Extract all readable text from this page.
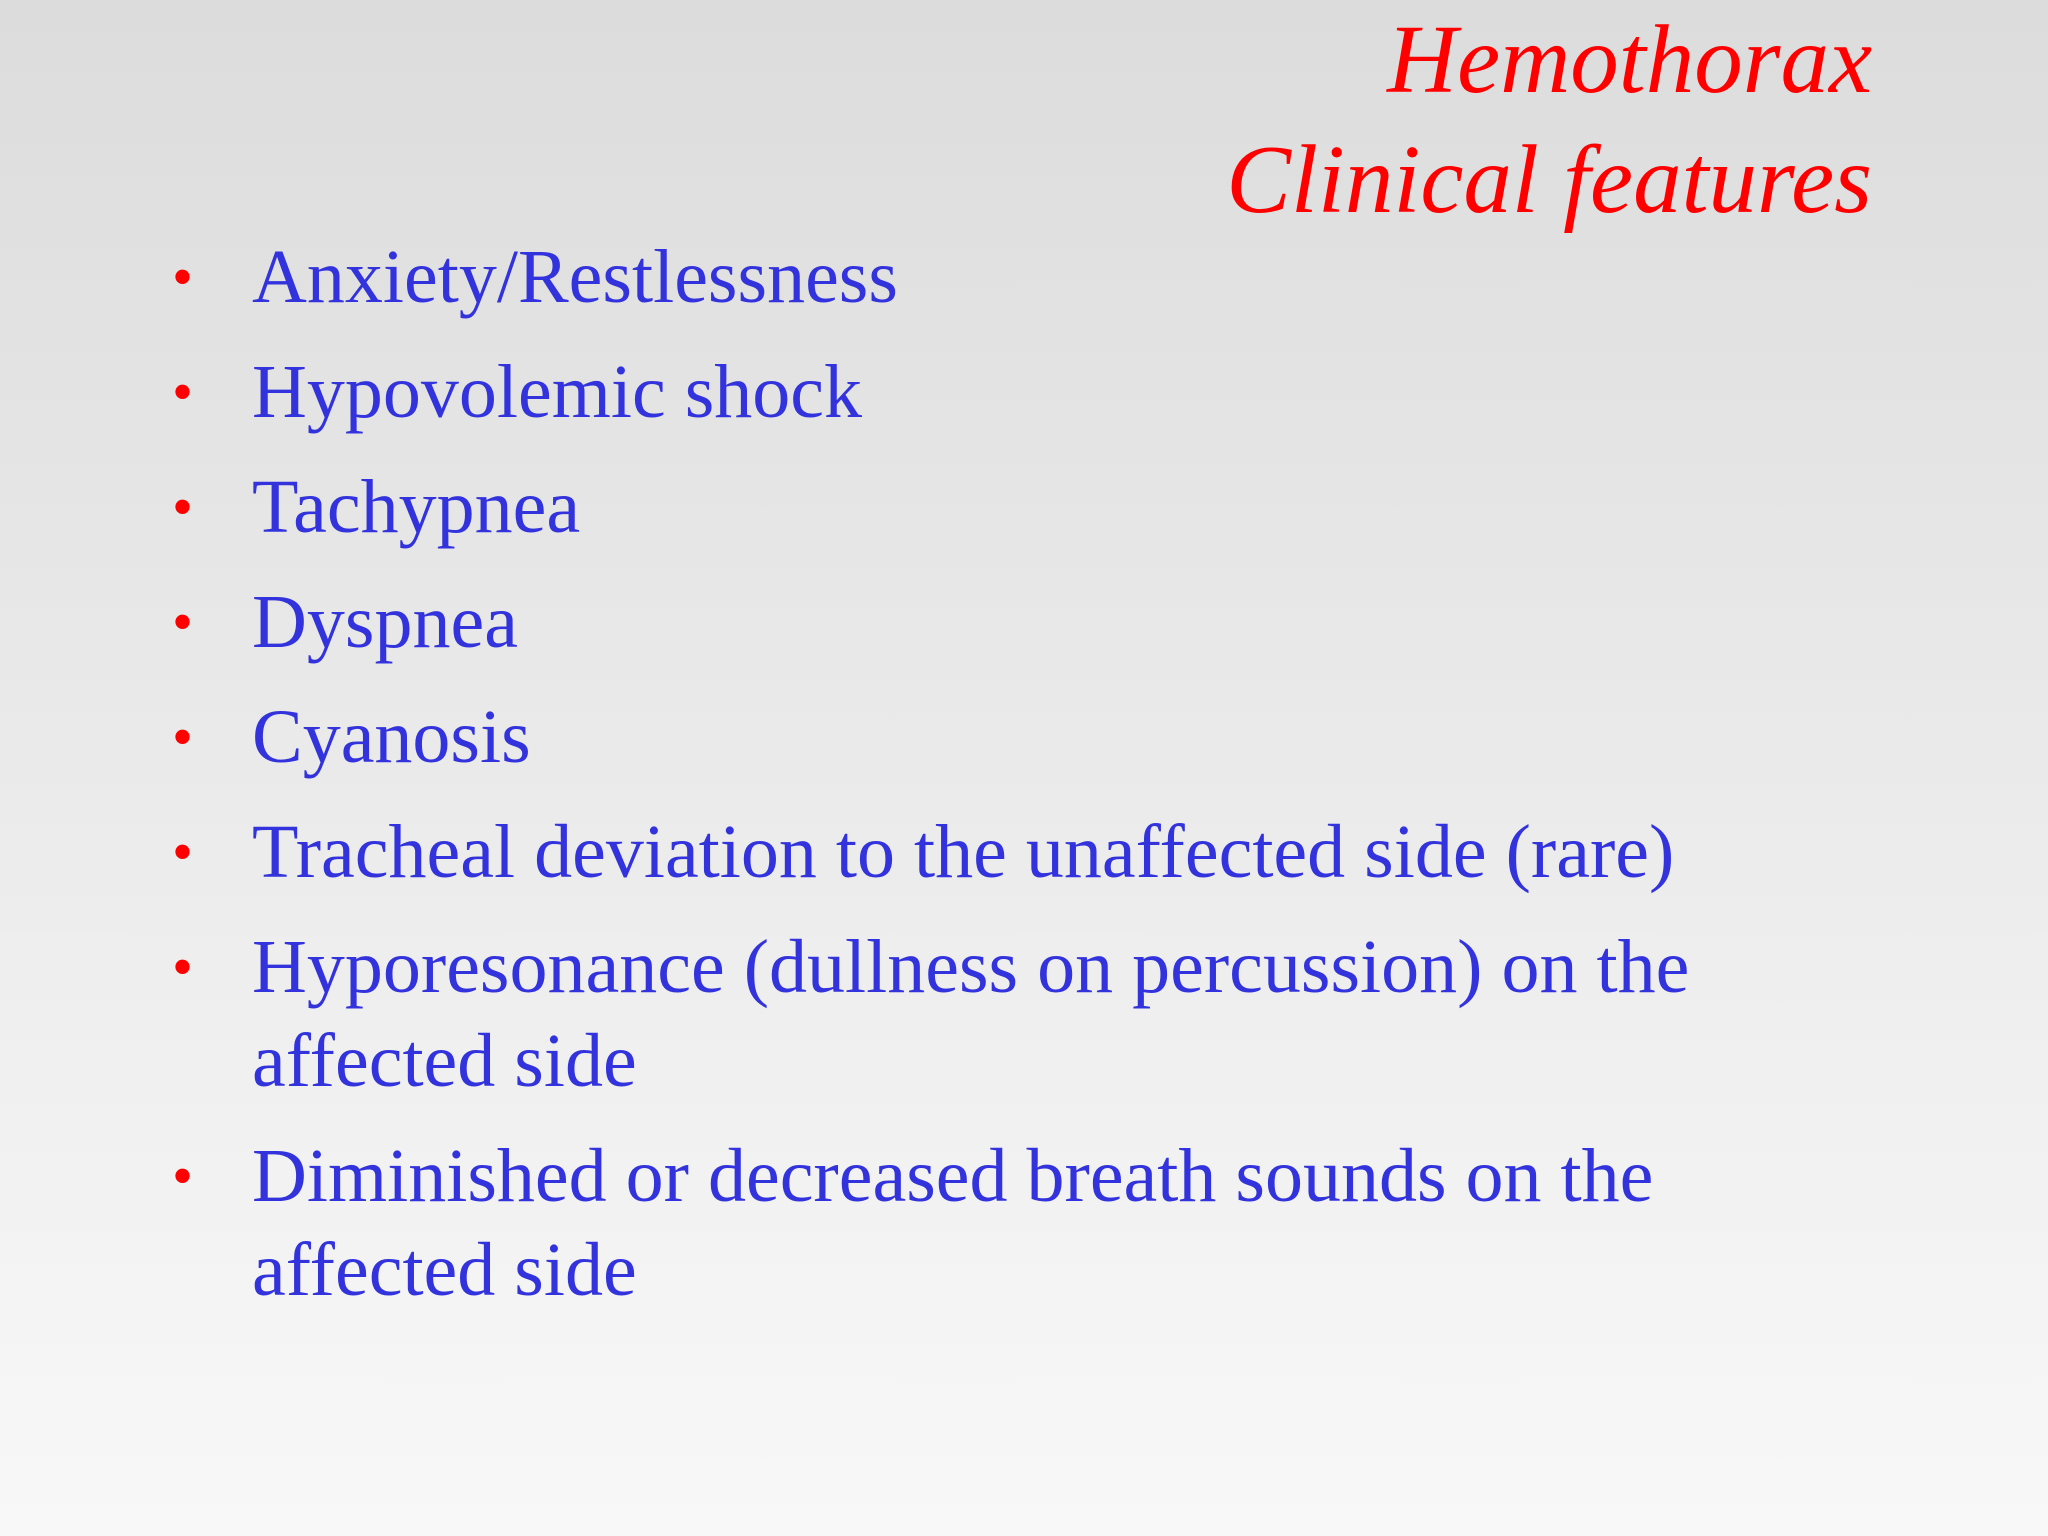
Hemothorax
Clinical features
• Anxiety/Restlessness
• Hypovolemic shock
• Tachypnea
• Dyspnea
• Cyanosis
• Tracheal deviation to the unaffected side (rare)
• Hyporesonance (dullness on percussion) on the affected side
• Diminished or decreased breath sounds on the affected side
